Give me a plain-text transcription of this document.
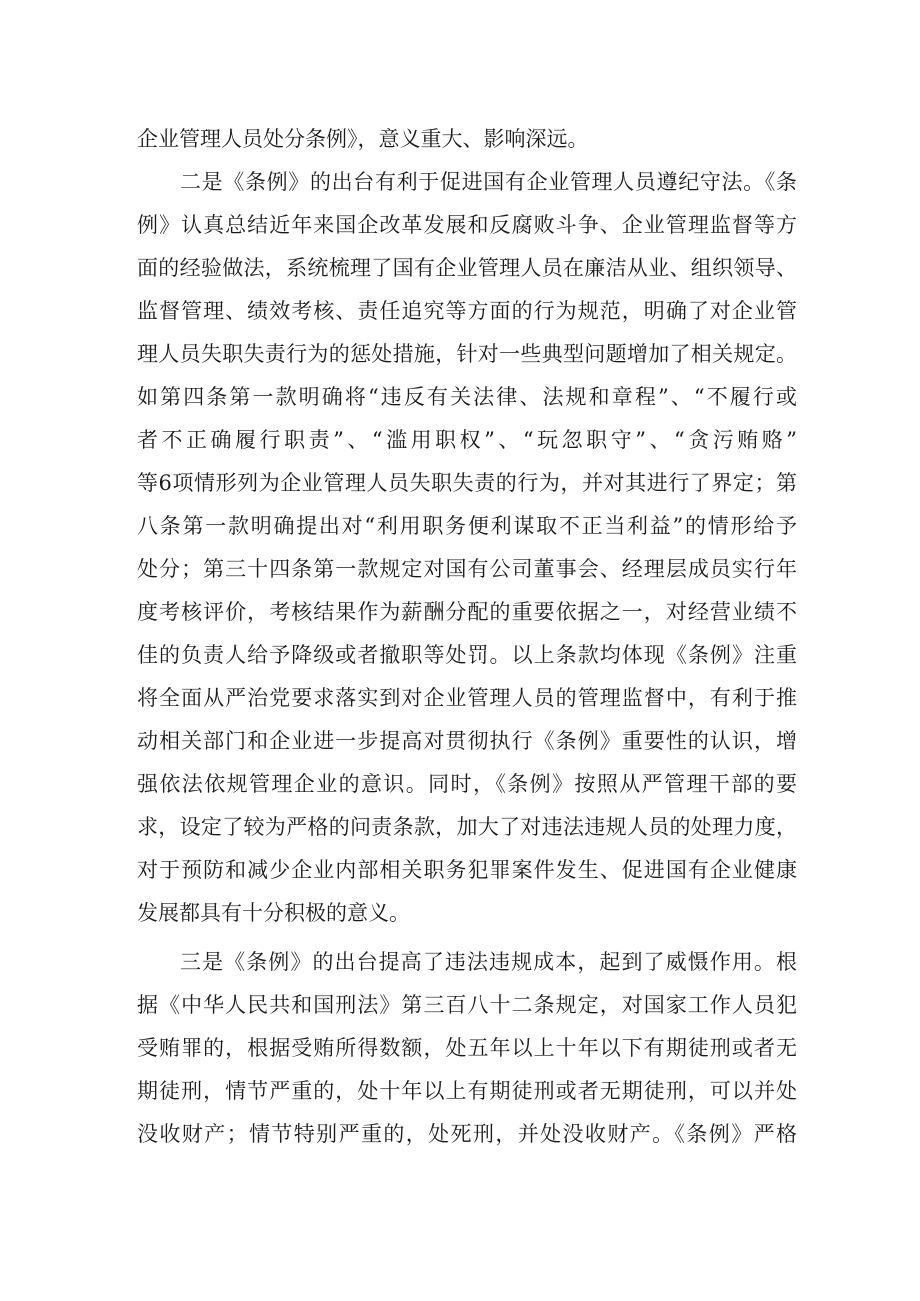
企业管理人员处分条例》，意义重大、影响深远。
二是《条例》的出台有利于促进国有企业管理人员遵纪守法。《条
例》认真总结近年来国企改革发展和反腐败斗争、企业管理监督等方
面的经验做法，系统梳理了国有企业管理人员在廉洁从业、组织领导、
监督管理、绩效考核、责任追究等方面的行为规范，明确了对企业管
理人员失职失责行为的惩处措施，针对一些典型问题增加了相关规定。
如第四条第一款明确将“违反有关法律、法规和章程”、“不履行或
者不正确履行职责”、“滥用职权”、“玩忽职守”、“贪污贿赂”
等6项情形列为企业管理人员失职失责的行为，并对其进行了界定；第
八条第一款明确提出对“利用职务便利谋取不正当利益”的情形给予
处分；第三十四条第一款规定对国有公司董事会、经理层成员实行年
度考核评价，考核结果作为薪酬分配的重要依据之一，对经营业绩不
佳的负责人给予降级或者撤职等处罚。以上条款均体现《条例》注重
将全面从严治党要求落实到对企业管理人员的管理监督中，有利于推
动相关部门和企业进一步提高对贯彻执行《条例》重要性的认识，增
强依法依规管理企业的意识。同时，《条例》按照从严管理干部的要
求，设定了较为严格的问责条款，加大了对违法违规人员的处理力度，
对于预防和减少企业内部相关职务犯罪案件发生、促进国有企业健康
发展都具有十分积极的意义。
三是《条例》的出台提高了违法违规成本，起到了威慑作用。根
据《中华人民共和国刑法》第三百八十二条规定，对国家工作人员犯
受贿罪的，根据受贿所得数额，处五年以上十年以下有期徒刑或者无
期徒刑，情节严重的，处十年以上有期徒刑或者无期徒刑，可以并处
没收财产；情节特别严重的，处死刑，并处没收财产。《条例》严格
